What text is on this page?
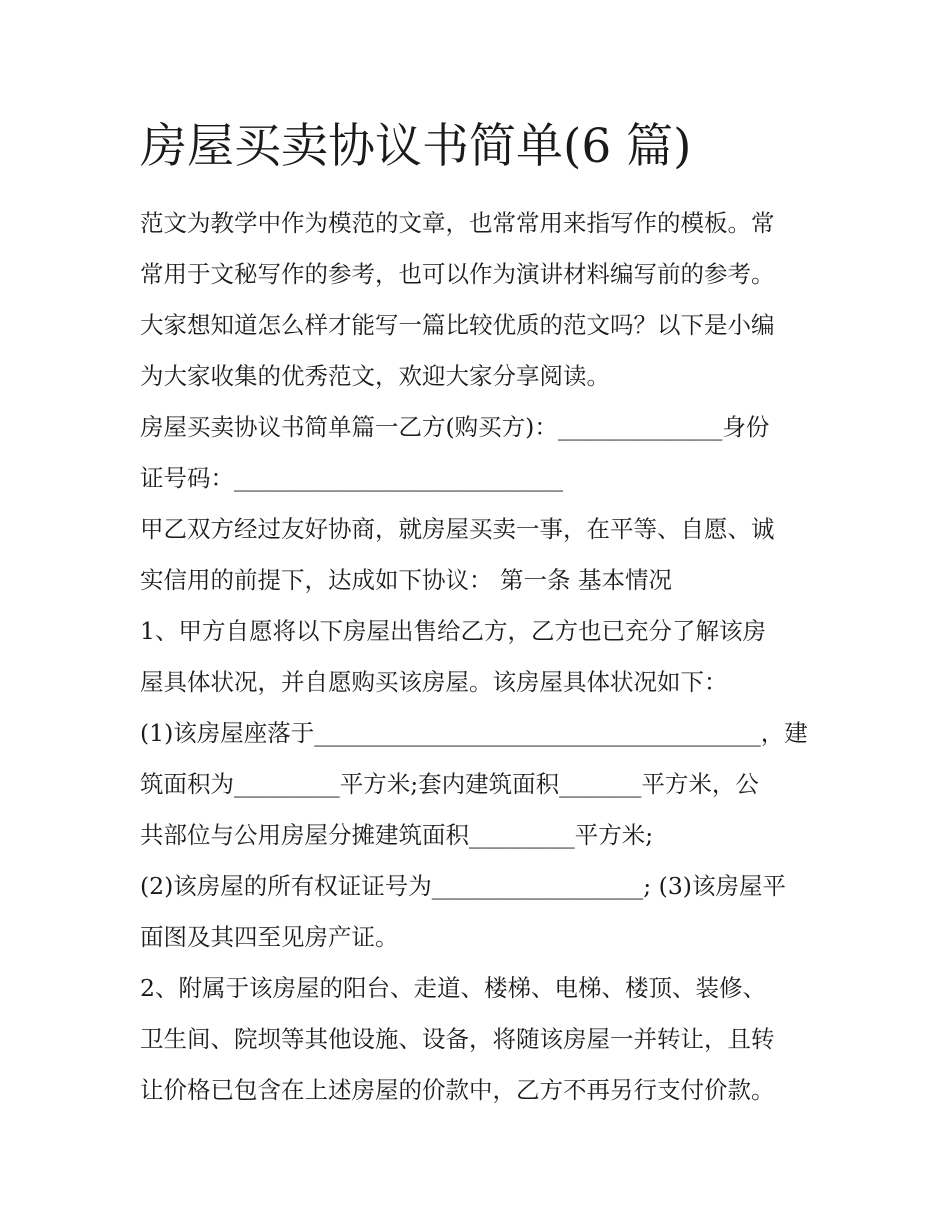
房屋买卖协议书简单(6 篇)
范文为教学中作为模范的文章，也常常用来指写作的模板。常
常用于文秘写作的参考，也可以作为演讲材料编写前的参考。
大家想知道怎么样才能写一篇比较优质的范文吗？以下是小编
为大家收集的优秀范文，欢迎大家分享阅读。
房屋买卖协议书简单篇一乙方(购买方)：______________身份
证号码：____________________________
甲乙双方经过友好协商，就房屋买卖一事，在平等、自愿、诚
实信用的前提下，达成如下协议： 第一条 基本情况
1、甲方自愿将以下房屋出售给乙方，乙方也已充分了解该房
屋具体状况，并自愿购买该房屋。该房屋具体状况如下：
(1)该房屋座落于______________________________________，建
筑面积为_________平方米;套内建筑面积_______平方米，公
共部位与公用房屋分摊建筑面积_________平方米;
(2)该房屋的所有权证证号为__________________; (3)该房屋平
面图及其四至见房产证。
2、附属于该房屋的阳台、走道、楼梯、电梯、楼顶、装修、
卫生间、院坝等其他设施、设备，将随该房屋一并转让，且转
让价格已包含在上述房屋的价款中，乙方不再另行支付价款。
